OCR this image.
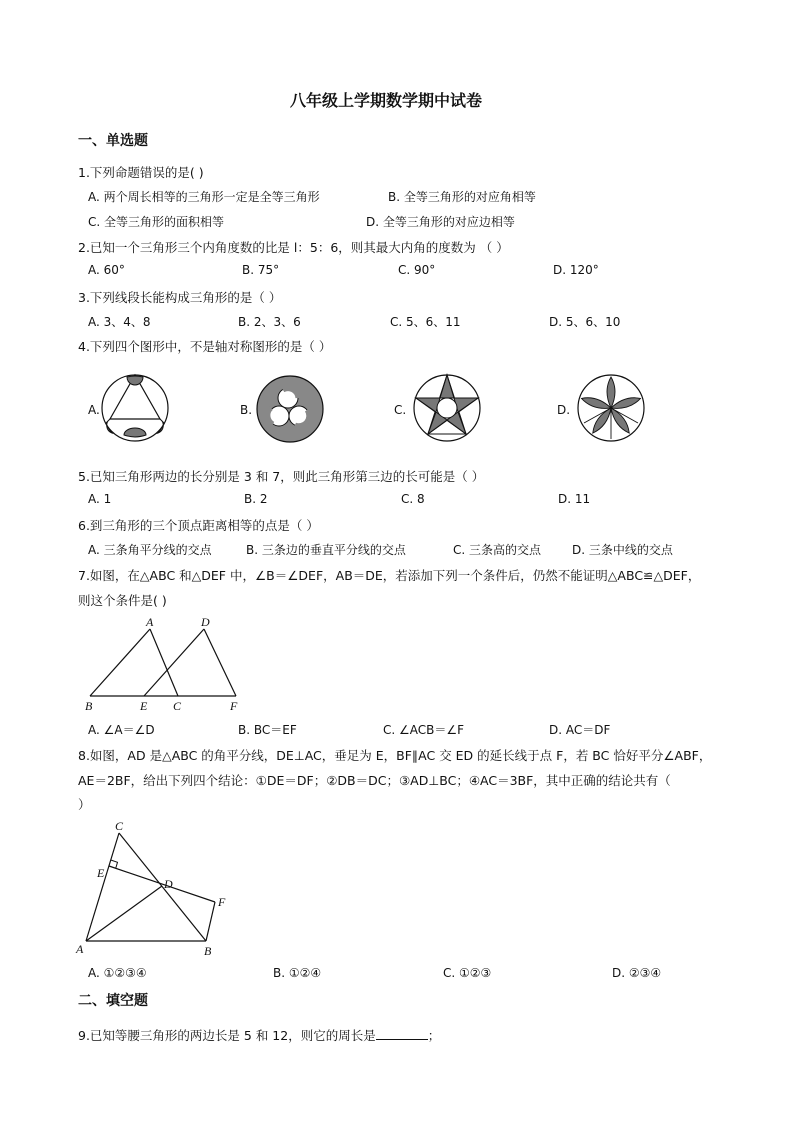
八年级上学期数学期中试卷
一、单选题
1.下列命题错误的是( )
A. 两个周长相等的三角形一定是全等三角形	B. 全等三角形的对应角相等
C. 全等三角形的面积相等	D. 全等三角形的对应边相等
2.已知一个三角形三个内角度数的比是 l：5：6，则其最大内角的度数为 （ ）
A. 60°	B. 75°	C. 90°	D. 120°
3.下列线段长能构成三角形的是（ ）
A. 3、4、8	B. 2、3、6	C. 5、6、11	D. 5、6、10
4.下列四个图形中，不是轴对称图形的是（ ）
A.	B.	C.	D.
5.已知三角形两边的长分别是 3 和 7，则此三角形第三边的长可能是（ ）
A. 1	B. 2	C. 8	D. 11
6.到三角形的三个顶点距离相等的点是（ ）
A. 三条角平分线的交点	B. 三条边的垂直平分线的交点	C. 三条高的交点	D. 三条中线的交点
7.如图，在△ABC 和△DEF 中，∠B＝∠DEF，AB＝DE，若添加下列一个条件后，仍然不能证明△ABC≌△DEF，
则这个条件是( )
A	D
B	E C	F
A. ∠A＝∠D	B. BC＝EF	C. ∠ACB＝∠F	D. AC＝DF
8.如图，AD 是△ABC 的角平分线，DE⊥AC，垂足为 E，BF∥AC 交 ED 的延长线于点 F，若 BC 恰好平分∠ABF，
AE＝2BF，给出下列四个结论：①DE＝DF；②DB＝DC；③AD⊥BC；④AC＝3BF，其中正确的结论共有（
）
C
E
D
F
A	B
A. ①②③④	B. ①②④	C. ①②③	D. ②③④
二、填空题
9.已知等腰三角形的两边长是 5 和 12，则它的周长是	；
